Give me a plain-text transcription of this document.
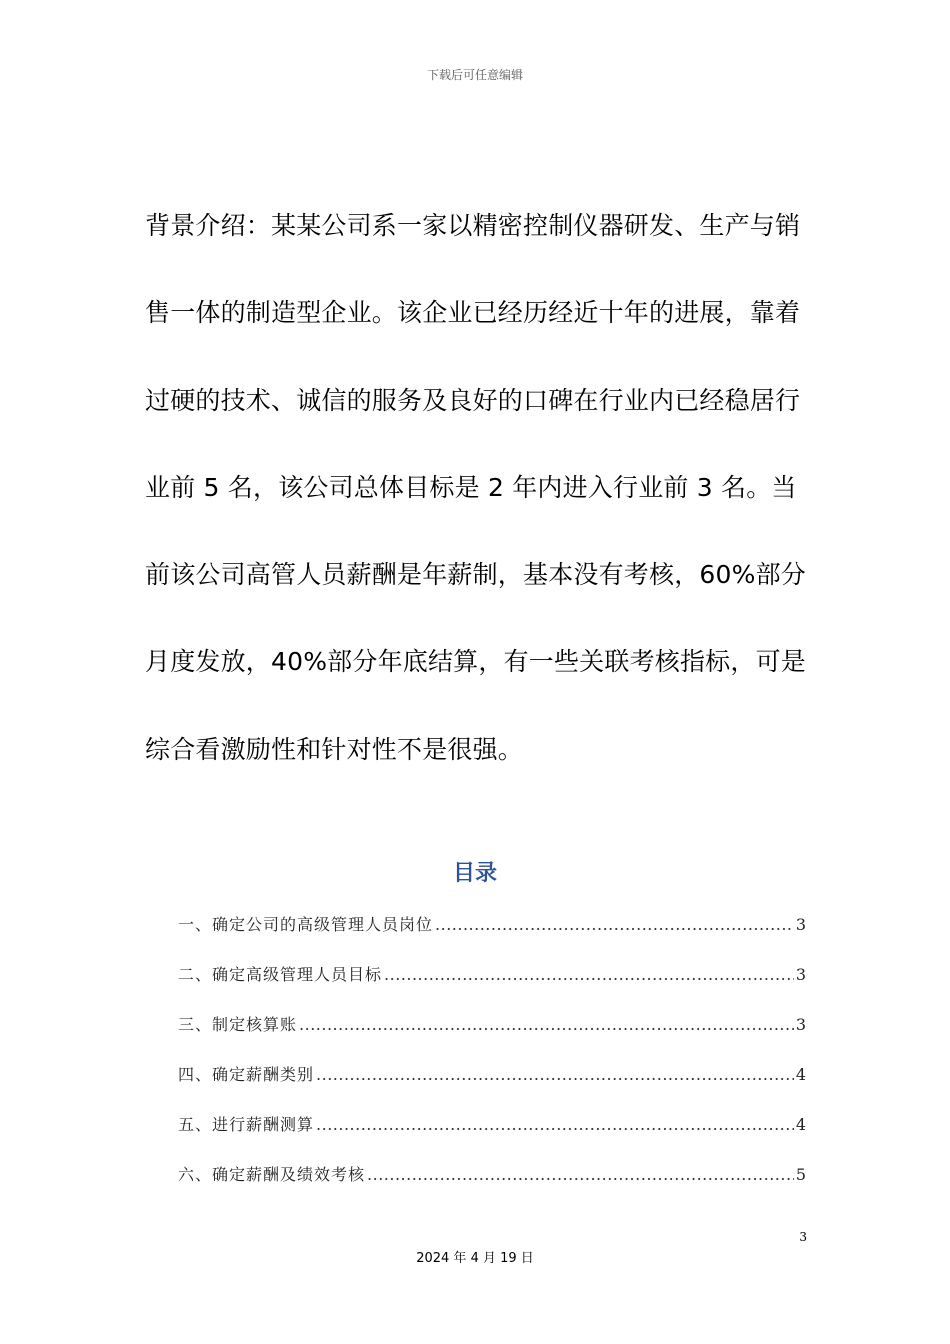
下载后可任意编辑

背景介绍：某某公司系一家以精密控制仪器研发、生产与销售一体的制造型企业。该企业已经历经近十年的进展，靠着过硬的技术、诚信的服务及良好的口碑在行业内已经稳居行业前 5 名，该公司总体目标是 2 年内进入行业前 3 名。当前该公司高管人员薪酬是年薪制，基本没有考核，60%部分月度发放，40%部分年底结算，有一些关联考核指标，可是综合看激励性和针对性不是很强。

目录
一、确定公司的高级管理人员岗位 .....	3
二、确定高级管理人员目标 .....	3
三、制定核算账 .....	3
四、确定薪酬类别 .....	4
五、进行薪酬测算 .....	4
六、确定薪酬及绩效考核 .....	5
3
2024 年 4 月 19 日
